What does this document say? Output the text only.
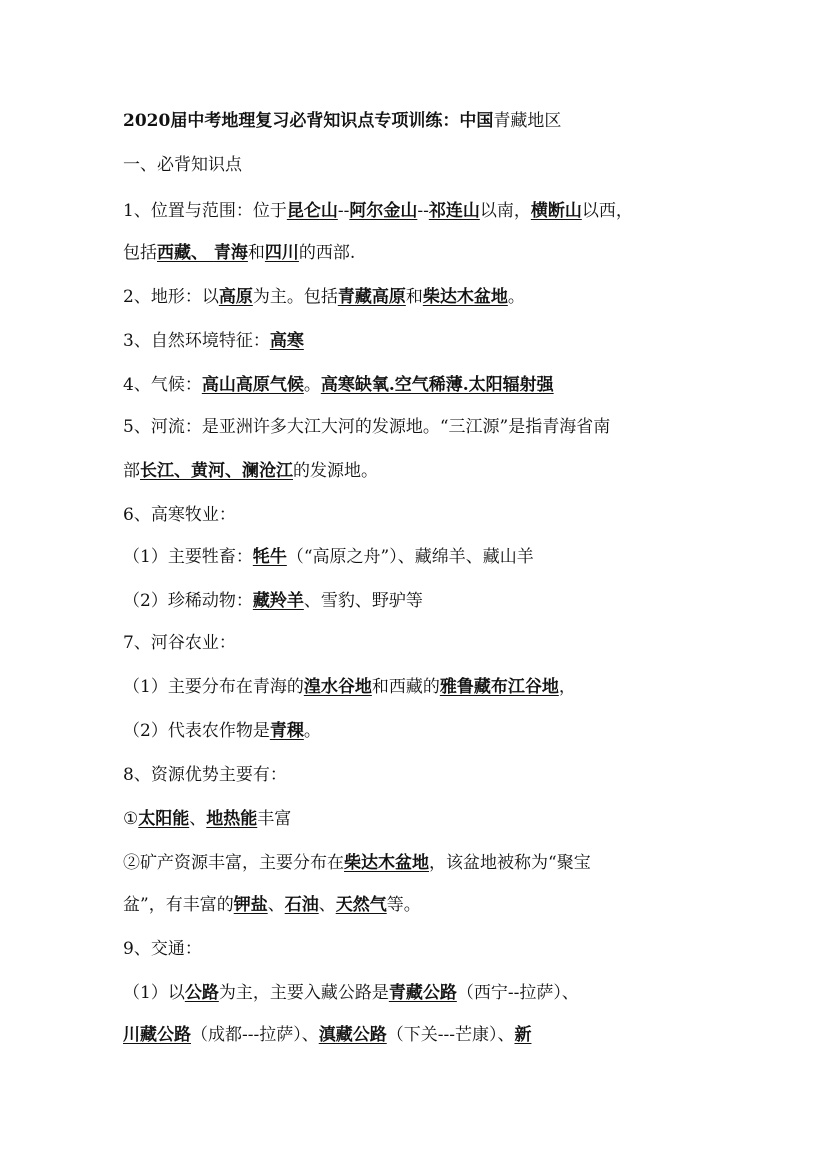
2020届中考地理复习必背知识点专项训练：中国青藏地区
一、必背知识点
1、位置与范围：位于昆仑山--阿尔金山--祁连山以南，横断山以西，
包括西藏、 青海和四川的西部.
2、地形：以高原为主。包括青藏高原和柴达木盆地。
3、自然环境特征：高寒
4、气候：高山高原气候。高寒缺氧.空气稀薄.太阳辐射强
5、河流：是亚洲许多大江大河的发源地。“三江源”是指青海省南
部长江、黄河、澜沧江的发源地。
6、高寒牧业：
（1）主要牲畜：牦牛（“高原之舟”）、藏绵羊、藏山羊
（2）珍稀动物：藏羚羊、雪豹、野驴等
7、河谷农业：
（1）主要分布在青海的湟水谷地和西藏的雅鲁藏布江谷地，
（2）代表农作物是青稞。
8、资源优势主要有：
①太阳能、地热能丰富
②矿产资源丰富，主要分布在柴达木盆地，该盆地被称为“聚宝
盆”，有丰富的钾盐、石油、天然气等。
9、交通：
（1）以公路为主，主要入藏公路是青藏公路（西宁--拉萨）、
川藏公路（成都---拉萨）、滇藏公路（下关---芒康）、新
